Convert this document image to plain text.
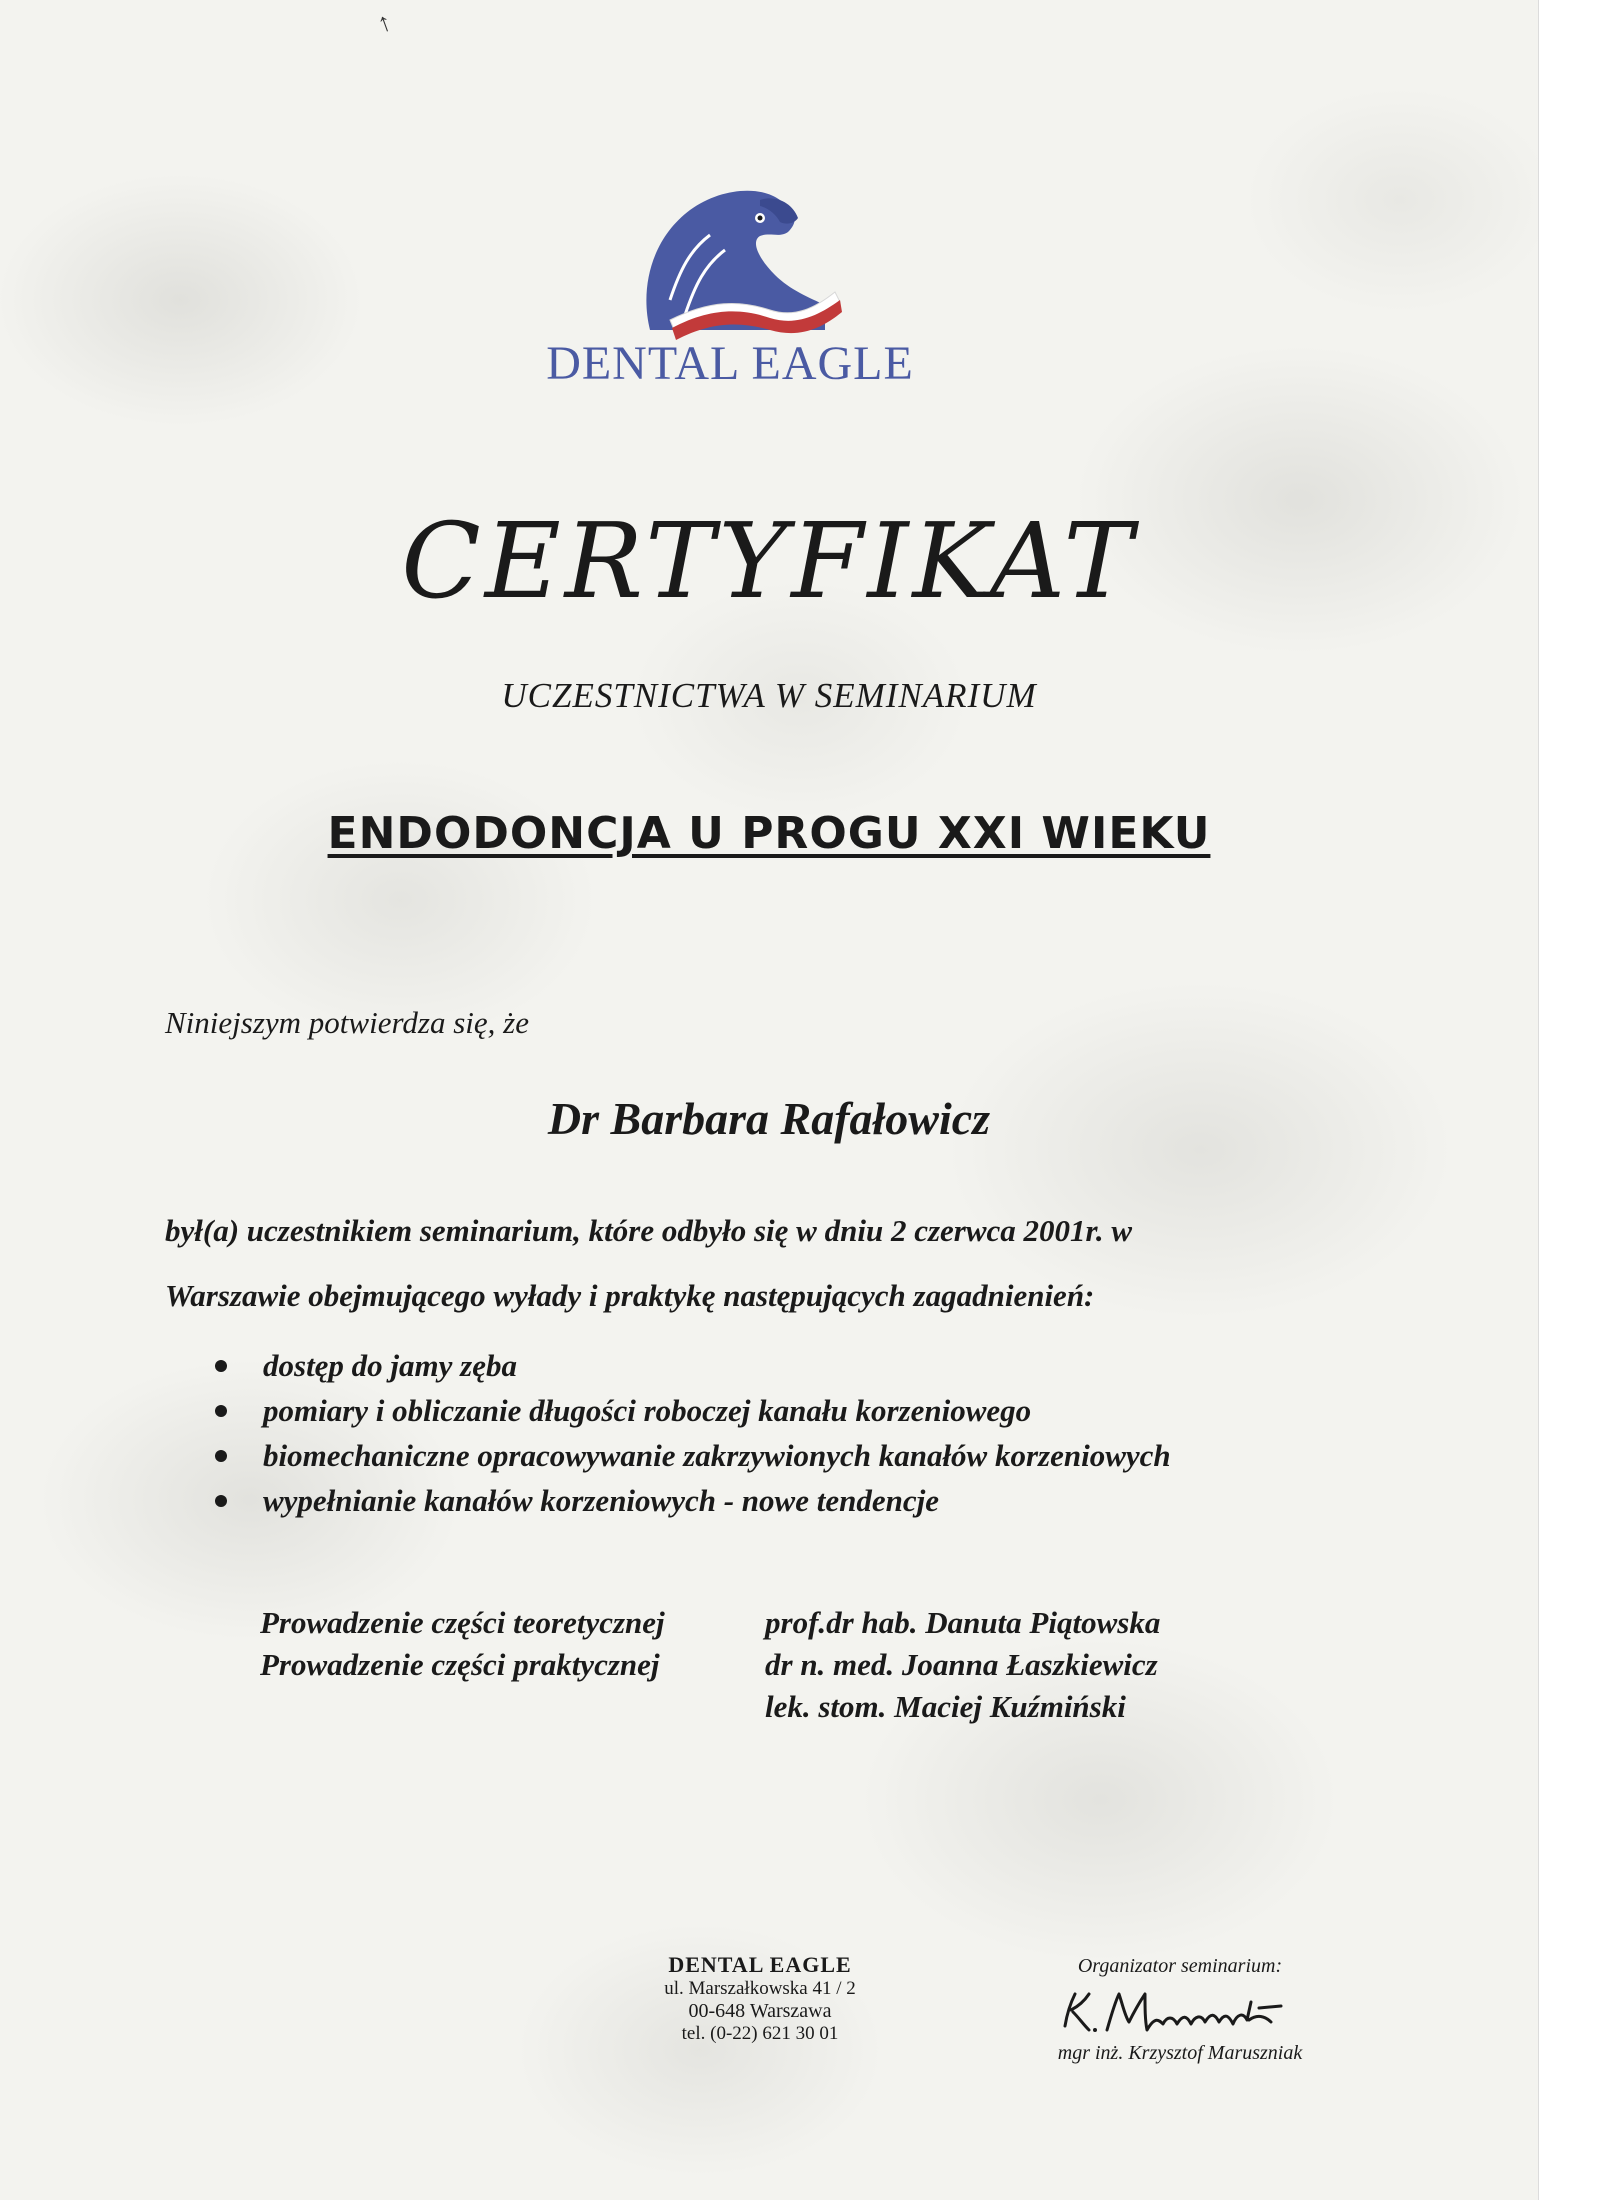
↑
DENTAL EAGLE
CERTYFIKAT
UCZESTNICTWA W SEMINARIUM
ENDODONCJA U PROGU XXI WIEKU
Niniejszym potwierdza się, że
Dr Barbara Rafałowicz
był(a) uczestnikiem seminarium, które odbyło się w dniu 2 czerwca 2001r. w
Warszawie obejmującego wyłady i praktykę następujących zagadnienień:
dostęp do jamy zęba
pomiary i obliczanie długości roboczej kanału korzeniowego
biomechaniczne opracowywanie zakrzywionych kanałów korzeniowych
wypełnianie kanałów korzeniowych - nowe tendencje
Prowadzenie części teoretycznej	prof.dr hab. Danuta Piątowska
Prowadzenie części praktycznej	dr n. med. Joanna Łaszkiewicz
lek. stom. Maciej Kuźmiński
DENTAL EAGLE
ul. Marszałkowska 41 / 2
00-648 Warszawa
tel. (0-22) 621 30 01
Organizator seminarium:
mgr inż. Krzysztof Maruszniak
